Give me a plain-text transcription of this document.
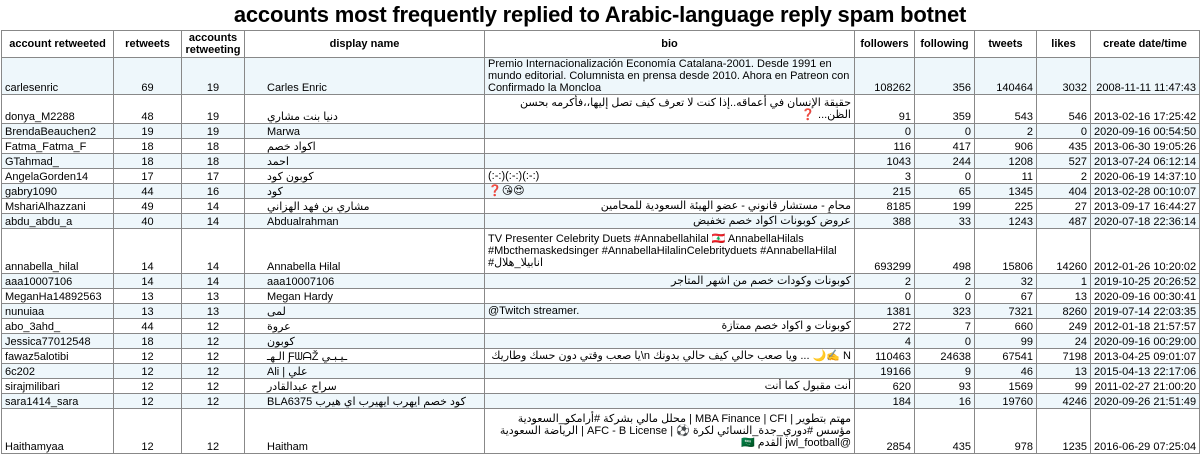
accounts most frequently replied to Arabic-language reply spam botnet
account retweeted	retweets	accounts retweeting	display name	bio	followers	following	tweets	likes	create date/time
carlesenric	69	19	Carles Enric	Premio Internacionalización Economía Catalana-2001. Desde 1991 en mundo editorial. Columnista en prensa desde 2010. Ahora en Patreon con Confirmado la Moncloa	108262	356	140464	3032	2008-11-11 11:47:43
donya_M2288	48	19	دنيا بنت مشاري	حقيقة الإنسان في أعماقه..إذا كنت لا تعرف كيف تصل إليها،،فأكرمه بحسن الظن... ❓	91	359	543	546	2013-02-16 17:25:42
BrendaBeauchen2	19	19	Marwa		0	0	2	0	2020-09-16 00:54:50
Fatma_Fatma_F	18	18	اكواد خصم		116	417	906	435	2013-06-30 19:05:26
GTahmad_	18	18	احمد		1043	244	1208	527	2013-07-24 06:12:14
AngelaGorden14	17	17	كوبون كود	(:-:)(:-:)(:-:)	3	0	11	2	2020-06-19 14:37:10
gabry1090	44	16	كود	❓😘😍	215	65	1345	404	2013-02-28 00:10:07
MshariAlhazzani	49	14	مشاري بن فهد الهزاني	محامٍ - مستشار قانوني - عضو الهيئة السعودية للمحامين	8185	199	225	27	2013-09-17 16:44:27
abdu_abdu_a	40	14	Abdualrahman	عروض كوبونات اكواد خصم تخفيض	388	33	1243	487	2020-07-18 22:36:14
annabella_hilal	14	14	Annabella Hilal	TV Presenter Celebrity Duets #Annabellahilal 🇱🇧 AnnabellaHilals #Mbcthemaskedsinger #AnnabellaHilalinCelebrityduets #AnnabellaHilal #انابيلا_هلال	693299	498	15806	14260	2012-01-26 10:20:02
aaa10007106	14	14	aaa10007106	كوبونات وكودات خصم من اشهر المتاجر	2	2	32	1	2019-10-25 20:26:52
MeganHa14892563	13	13	Megan Hardy		0	0	67	13	2020-09-16 00:30:41
nunuiaa	13	13	لمى	@Twitch streamer.	1381	323	7321	8260	2019-07-14 22:03:35
abo_3ahd_	44	12	عروة	كوبونات و اكواد خصم ممتازة	272	7	660	249	2012-01-18 21:57:57
Jessica77012548	18	12	كوبون		4	0	99	24	2020-09-16 00:29:00
fawaz5alotibi	12	12	الـهـ ƑᗯᗩŽ ـيـبـي	N ✍️🌙 ... ويا صعب حالي كيف حالي بدونك n\يا صعب وقتي دون حسك وطاريك	110463	24638	67541	7198	2013-04-25 09:01:07
6c202	12	12	Ali | علي		19166	9	46	13	2015-04-13 22:17:06
sirajmilibari	12	12	سراج عبدالقادر	أنت مقبول كما أنت	620	93	1569	99	2011-02-27 21:00:20
sara1414_sara	12	12	BLA6375 كود خصم ايهرب ايهيرب اي هيرب		184	16	19760	4246	2020-09-26 21:51:49
Haithamyaa	12	12	Haitham	مهتم بتطوير | MBA Finance | CFI | محلل مالي بشركة #أرامكو_السعودية مؤسس #دوري_جدة_النسائي لكرة ⚽️ | AFC - B License | الرياضة السعودية @jwl_football القدم 🇸🇦	2854	435	978	1235	2016-06-29 07:25:04
